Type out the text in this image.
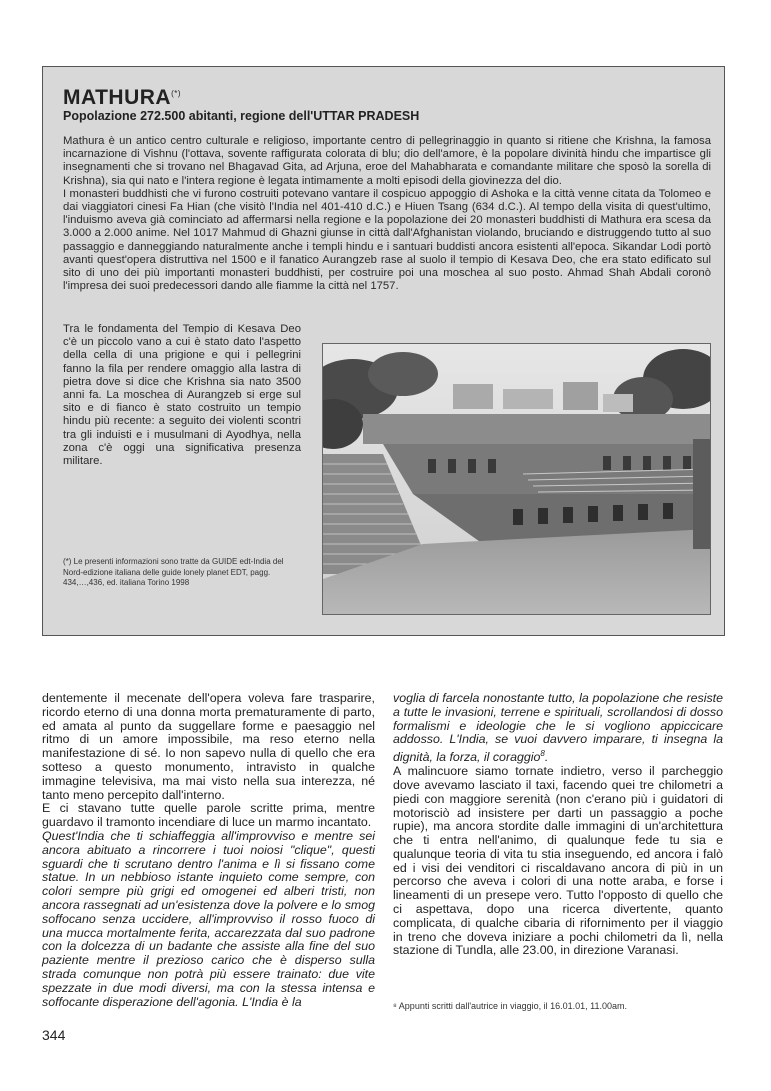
MATHURA(*)
Popolazione 272.500 abitanti, regione dell'UTTAR PRADESH

Mathura è un antico centro culturale e religioso, importante centro di pellegrinaggio in quanto si ritiene che Krishna, la famosa incarnazione di Vishnu (l'ottava, sovente raffigurata colorata di blu; dio dell'amore, è la popolare divinità hindu che impartisce gli insegnamenti che si trovano nel Bhagavad Gita, ad Arjuna, eroe del Mahabharata e comandante militare che sposò la sorella di Krishna), sia qui nato e l'intera regione è legata intimamente a molti episodi della giovinezza del dio.

I monasteri buddhisti che vi furono costruiti potevano vantare il cospicuo appoggio di Ashoka e la città venne citata da Tolomeo e dai viaggiatori cinesi Fa Hian (che visitò l'India nel 401-410 d.C.) e Hiuen Tsang (634 d.C.). Al tempo della visita di quest'ultimo, l'induismo aveva già cominciato ad affermarsi nella regione e la popolazione dei 20 monasteri buddhisti di Mathura era scesa da 3.000 a 2.000 anime. Nel 1017 Mahmud di Ghazni giunse in città dall'Afghanistan violando, bruciando e distruggendo tutto al suo passaggio e danneggiando naturalmente anche i templi hindu e i santuari buddisti ancora esistenti all'epoca. Sikandar Lodi portò avanti quest'opera distruttiva nel 1500 e il fanatico Aurangzeb rase al suolo il tempio di Kesava Deo, che era stato edificato sul sito di uno dei più importanti monasteri buddhisti, per costruire poi una moschea al suo posto. Ahmad Shah Abdali coronò l'impresa dei suoi predecessori dando alle fiamme la città nel 1757.

Tra le fondamenta del Tempio di Kesava Deo c'è un piccolo vano a cui è stato dato l'aspetto della cella di una prigione e qui i pellegrini fanno la fila per rendere omaggio alla lastra di pietra dove si dice che Krishna sia nato 3500 anni fa. La moschea di Aurangzeb si erge sul sito e di fianco è stato costruito un tempio hindu più recente: a seguito dei violenti scontri tra gli induisti e i musulmani di Ayodhya, nella zona c'è oggi una significativa presenza militare.
(*) Le presenti informazioni sono tratte da GUIDE edt-India del Nord-edizione italiana delle guide lonely planet EDT, pagg. 434,…,436, ed. italiana Torino 1998

dentemente il mecenate dell'opera voleva fare trasparire, ricordo eterno di una donna morta prematuramente di parto, ed amata al punto da suggellare forme e paesaggio nel ritmo di un amore impossibile, ma reso eterno nella manifestazione di sé. Io non sapevo nulla di quello che era sotteso a questo monumento, intravisto in qualche immagine televisiva, ma mai visto nella sua interezza, né tanto meno percepito dall'interno.

E ci stavano tutte quelle parole scritte prima, mentre guardavo il tramonto incendiare di luce un marmo incantato.

Quest'India che ti schiaffeggia all'improvviso e mentre sei ancora abituato a rincorrere i tuoi noiosi "clique", questi sguardi che ti scrutano dentro l'anima e lì si fissano come statue. In un nebbioso istante inquieto come sempre, con colori sempre più grigi ed omogenei ed alberi tristi, non ancora rassegnati ad un'esistenza dove la polvere e lo smog soffocano senza uccidere, all'improvviso il rosso fuoco di una mucca mortalmente ferita, accarezzata dal suo padrone con la dolcezza di un badante che assiste alla fine del suo paziente mentre il prezioso carico che è disperso sulla strada comunque non potrà più essere trainato: due vite spezzate in due modi diversi, ma con la stessa intensa e soffocante disperazione dell'agonia. L'India è la

voglia di farcela nonostante tutto, la popolazione che resiste a tutte le invasioni, terrene e spirituali, scrollandosi di dosso formalismi e ideologie che le si vogliono appiccicare addosso. L'India, se vuoi davvero imparare, ti insegna la dignità, la forza, il coraggio$^8$.

A malincuore siamo tornate indietro, verso il parcheggio dove avevamo lasciato il taxi, facendo quei tre chilometri a piedi con maggiore serenità (non c'erano più i guidatori di motorisciò ad insistere per darti un passaggio a poche rupie), ma ancora stordite dalle immagini di un'architettura che ti entra nell'animo, di qualunque fede tu sia e qualunque teoria di vita tu stia inseguendo, ed ancora i falò ed i visi dei venditori ci riscaldavano ancora di più in un percorso che aveva i colori di una notte araba, e forse i lineamenti di un presepe vero. Tutto l'opposto di quello che ci aspettava, dopo una ricerca divertente, quanto complicata, di qualche cibaria di rifornimento per il viaggio in treno che doveva iniziare a pochi chilometri da lì, nella stazione di Tundla, alle 23.00, in direzione Varanasi.

⁸ Appunti scritti dall'autrice in viaggio, il 16.01.01, 11.00am.
344
